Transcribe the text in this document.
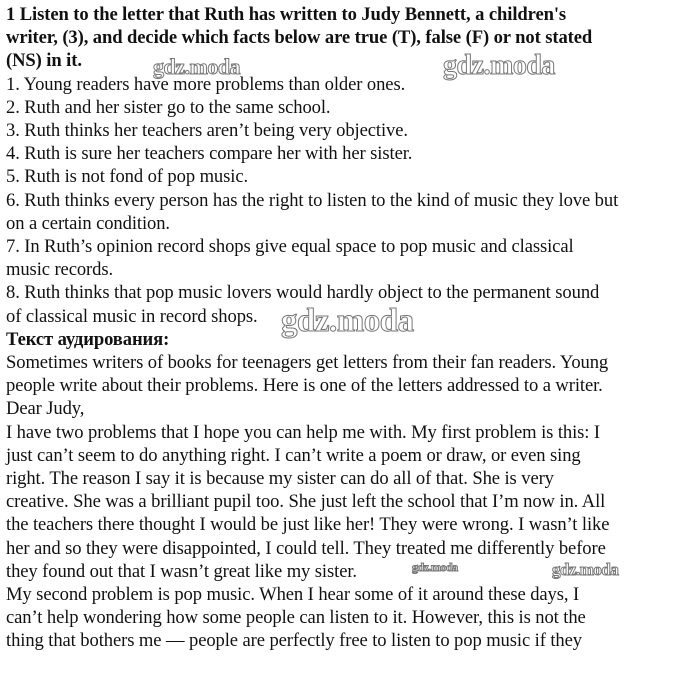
1 Listen to the letter that Ruth has written to Judy Bennett, a children's
writer, (3), and decide which facts below are true (T), false (F) or not stated
(NS) in it.
1. Young readers have more problems than older ones.
2. Ruth and her sister go to the same school.
3. Ruth thinks her teachers aren’t being very objective.
4. Ruth is sure her teachers compare her with her sister.
5. Ruth is not fond of pop music.
6. Ruth thinks every person has the right to listen to the kind of music they love but
on a certain condition.
7. In Ruth’s opinion record shops give equal space to pop music and classical
music records.
8. Ruth thinks that pop music lovers would hardly object to the permanent sound
of classical music in record shops.
Текст аудирования:
Sometimes writers of books for teenagers get letters from their fan readers. Young
people write about their problems. Here is one of the letters addressed to a writer.
Dear Judy,
I have two problems that I hope you can help me with. My first problem is this: I
just can’t seem to do anything right. I can’t write a poem or draw, or even sing
right. The reason I say it is because my sister can do all of that. She is very
creative. She was a brilliant pupil too. She just left the school that I’m now in. All
the teachers there thought I would be just like her! They were wrong. I wasn’t like
her and so they were disappointed, I could tell. They treated me differently before
they found out that I wasn’t great like my sister.
My second problem is pop music. When I hear some of it around these days, I
can’t help wondering how some people can listen to it. However, this is not the
thing that bothers me — people are perfectly free to listen to pop music if they
gdz.moda	gdz.moda
gdz.moda
gdz.moda	gdz.moda
